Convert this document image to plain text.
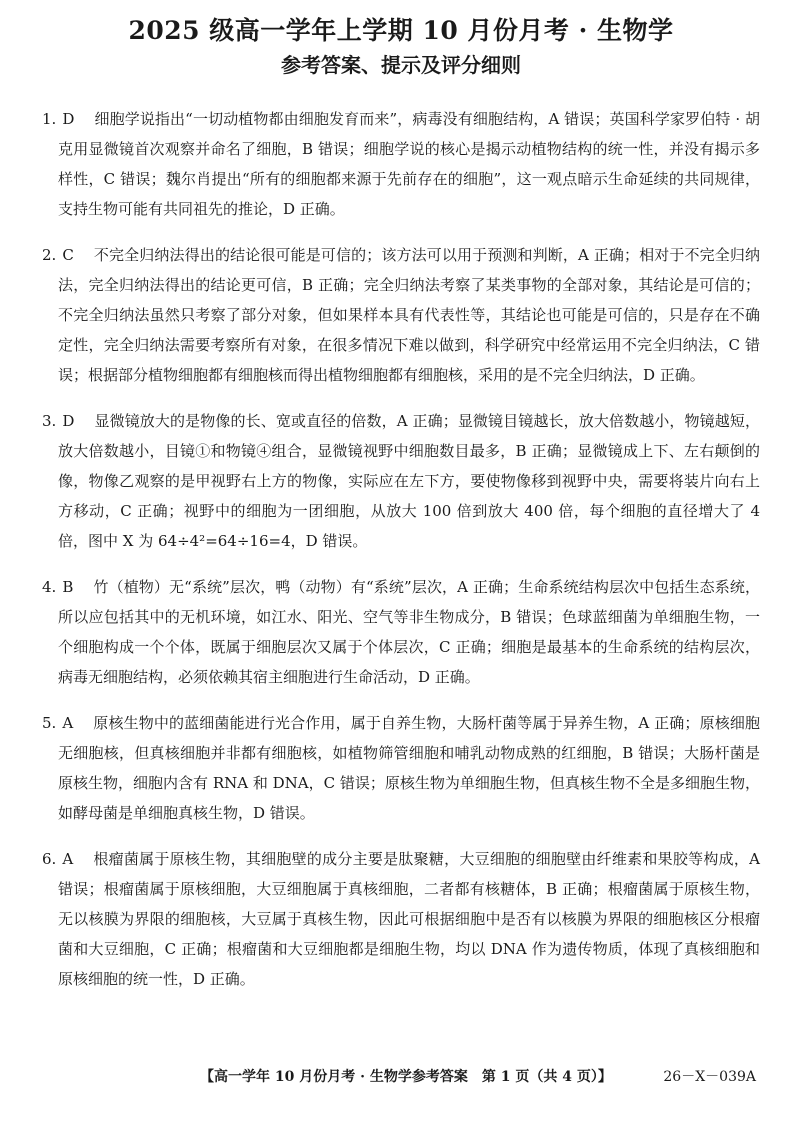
2025 级高一学年上学期 10 月份月考 · 生物学
参考答案、提示及评分细则

1. D 细胞学说指出“一切动植物都由细胞发育而来”，病毒没有细胞结构，A 错误；英国科学家罗伯特 · 胡克用显微镜首次观察并命名了细胞，B 错误；细胞学说的核心是揭示动植物结构的统一性，并没有揭示多样性，C 错误；魏尔肖提出“所有的细胞都来源于先前存在的细胞”，这一观点暗示生命延续的共同规律，支持生物可能有共同祖先的推论，D 正确。

2. C 不完全归纳法得出的结论很可能是可信的；该方法可以用于预测和判断，A 正确；相对于不完全归纳法，完全归纳法得出的结论更可信，B 正确；完全归纳法考察了某类事物的全部对象，其结论是可信的；不完全归纳法虽然只考察了部分对象，但如果样本具有代表性等，其结论也可能是可信的，只是存在不确定性，完全归纳法需要考察所有对象，在很多情况下难以做到，科学研究中经常运用不完全归纳法，C 错误；根据部分植物细胞都有细胞核而得出植物细胞都有细胞核，采用的是不完全归纳法，D 正确。

3. D 显微镜放大的是物像的长、宽或直径的倍数，A 正确；显微镜目镜越长，放大倍数越小，物镜越短，放大倍数越小，目镜①和物镜④组合，显微镜视野中细胞数目最多，B 正确；显微镜成上下、左右颠倒的像，物像乙观察的是甲视野右上方的物像，实际应在左下方，要使物像移到视野中央，需要将装片向右上方移动，C 正确；视野中的细胞为一团细胞，从放大 100 倍到放大 400 倍，每个细胞的直径增大了 4 倍，图中 X 为 64÷4²=64÷16=4，D 错误。

4. B 竹（植物）无“系统”层次，鸭（动物）有“系统”层次，A 正确；生命系统结构层次中包括生态系统，所以应包括其中的无机环境，如江水、阳光、空气等非生物成分，B 错误；色球蓝细菌为单细胞生物，一个细胞构成一个个体，既属于细胞层次又属于个体层次，C 正确；细胞是最基本的生命系统的结构层次，病毒无细胞结构，必须依赖其宿主细胞进行生命活动，D 正确。

5. A 原核生物中的蓝细菌能进行光合作用，属于自养生物，大肠杆菌等属于异养生物，A 正确；原核细胞无细胞核，但真核细胞并非都有细胞核，如植物筛管细胞和哺乳动物成熟的红细胞，B 错误；大肠杆菌是原核生物，细胞内含有 RNA 和 DNA，C 错误；原核生物为单细胞生物，但真核生物不全是多细胞生物，如酵母菌是单细胞真核生物，D 错误。

6. A 根瘤菌属于原核生物，其细胞壁的成分主要是肽聚糖，大豆细胞的细胞壁由纤维素和果胶等构成，A 错误；根瘤菌属于原核细胞，大豆细胞属于真核细胞，二者都有核糖体，B 正确；根瘤菌属于原核生物，无以核膜为界限的细胞核，大豆属于真核生物，因此可根据细胞中是否有以核膜为界限的细胞核区分根瘤菌和大豆细胞，C 正确；根瘤菌和大豆细胞都是细胞生物，均以 DNA 作为遗传物质，体现了真核细胞和原核细胞的统一性，D 正确。

【高一学年 10 月份月考 · 生物学参考答案　第 1 页（共 4 页）】	26－X－039A
